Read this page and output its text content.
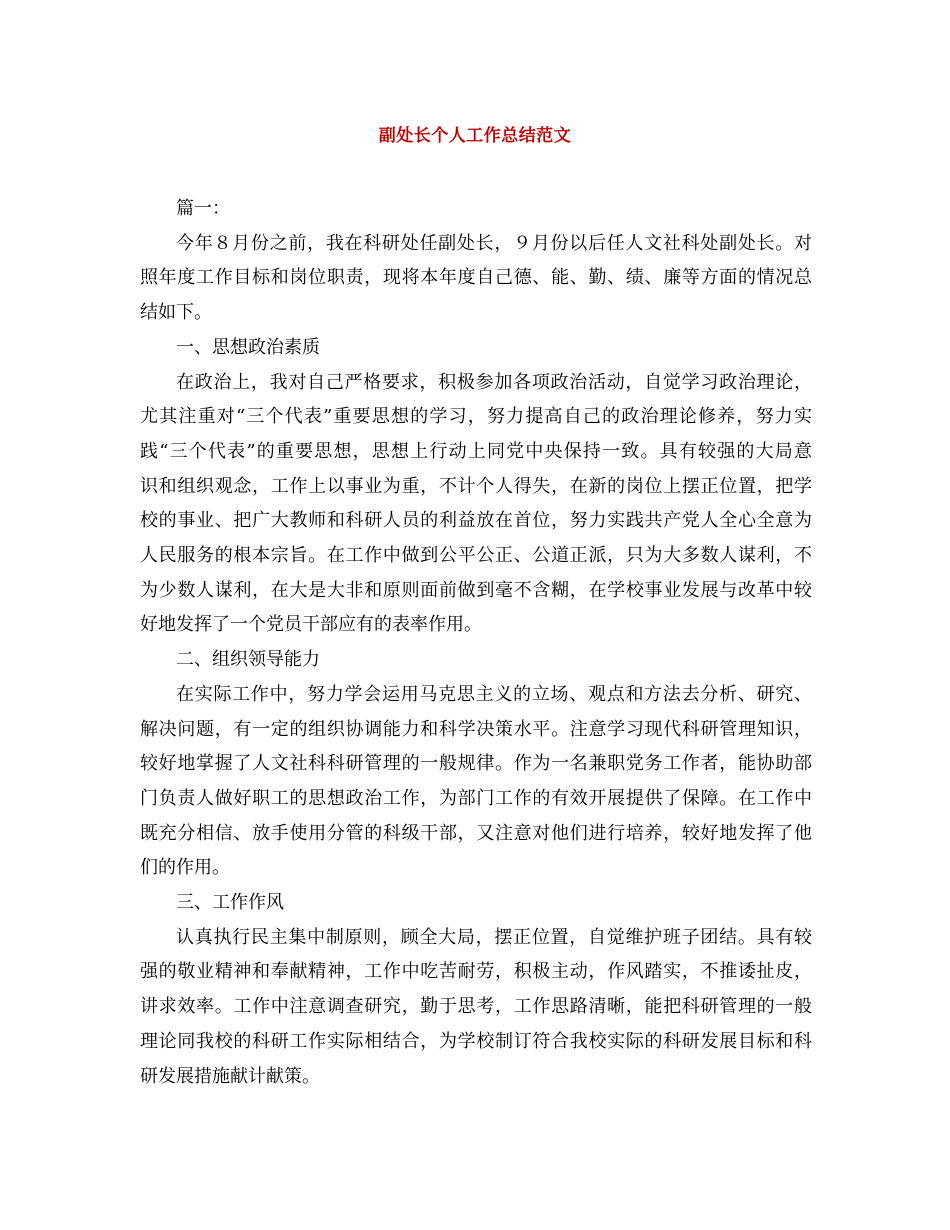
副处长个人工作总结范文
篇一：
今年８月份之前，我在科研处任副处长，９月份以后任人文社科处副处长。对
照年度工作目标和岗位职责，现将本年度自己德、能、勤、绩、廉等方面的情况总
结如下。
一、思想政治素质
在政治上，我对自己严格要求，积极参加各项政治活动，自觉学习政治理论，
尤其注重对“三个代表”重要思想的学习，努力提高自己的政治理论修养，努力实
践“三个代表”的重要思想，思想上行动上同党中央保持一致。具有较强的大局意
识和组织观念，工作上以事业为重，不计个人得失，在新的岗位上摆正位置，把学
校的事业、把广大教师和科研人员的利益放在首位，努力实践共产党人全心全意为
人民服务的根本宗旨。在工作中做到公平公正、公道正派，只为大多数人谋利，不
为少数人谋利，在大是大非和原则面前做到毫不含糊，在学校事业发展与改革中较
好地发挥了一个党员干部应有的表率作用。
二、组织领导能力
在实际工作中，努力学会运用马克思主义的立场、观点和方法去分析、研究、
解决问题，有一定的组织协调能力和科学决策水平。注意学习现代科研管理知识，
较好地掌握了人文社科科研管理的一般规律。作为一名兼职党务工作者，能协助部
门负责人做好职工的思想政治工作，为部门工作的有效开展提供了保障。在工作中
既充分相信、放手使用分管的科级干部，又注意对他们进行培养，较好地发挥了他
们的作用。
三、工作作风
认真执行民主集中制原则，顾全大局，摆正位置，自觉维护班子团结。具有较
强的敬业精神和奉献精神，工作中吃苦耐劳，积极主动，作风踏实，不推诿扯皮，
讲求效率。工作中注意调查研究，勤于思考，工作思路清晰，能把科研管理的一般
理论同我校的科研工作实际相结合，为学校制订符合我校实际的科研发展目标和科
研发展措施献计献策。
